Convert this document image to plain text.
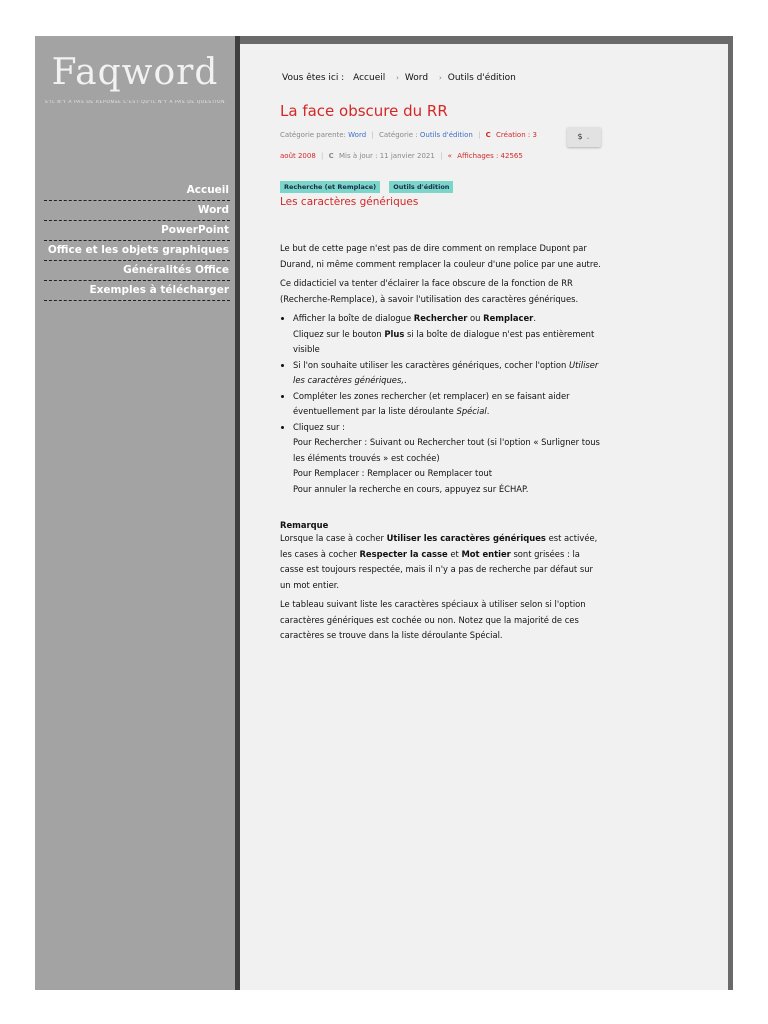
Faqword
S'IL N'Y A PAS DE RÉPONSE C'EST QU'IL N'Y A PAS DE QUESTION
Accueil
Word
PowerPoint
Office et les objets graphiques
Généralités Office
Exemples à télécharger
Vous êtes ici : Accueil › Word › Outils d'édition
La face obscure du RR
Catégorie parente: Word | Catégorie : Outils d'édition | C Création : 3	$ ⌄
août 2008 | C Mis à jour : 11 janvier 2021 | « Affichages : 42565
Recherche (et Remplace)	Outils d'édition
Les caractères génériques

Le but de cette page n'est pas de dire comment on remplace Dupont par Durand, ni même comment remplacer la couleur d'une police par une autre.

Ce didacticiel va tenter d'éclairer la face obscure de la fonction de RR (Recherche-Remplace), à savoir l'utilisation des caractères génériques.

• Afficher la boîte de dialogue Rechercher ou Remplacer.
Cliquez sur le bouton Plus si la boîte de dialogue n'est pas entièrement visible
• Si l'on souhaite utiliser les caractères génériques, cocher l'option Utiliser les caractères génériques,.
• Compléter les zones rechercher (et remplacer) en se faisant aider éventuellement par la liste déroulante Spécial.
• Cliquez sur :
Pour Rechercher : Suivant ou Rechercher tout (si l'option « Surligner tous les éléments trouvés » est cochée)
Pour Remplacer : Remplacer ou Remplacer tout
Pour annuler la recherche en cours, appuyez sur ÉCHAP.
Remarque

Lorsque la case à cocher Utiliser les caractères génériques est activée, les cases à cocher Respecter la casse et Mot entier sont grisées : la casse est toujours respectée, mais il n'y a pas de recherche par défaut sur un mot entier.

Le tableau suivant liste les caractères spéciaux à utiliser selon si l'option caractères génériques est cochée ou non. Notez que la majorité de ces caractères se trouve dans la liste déroulante Spécial.
